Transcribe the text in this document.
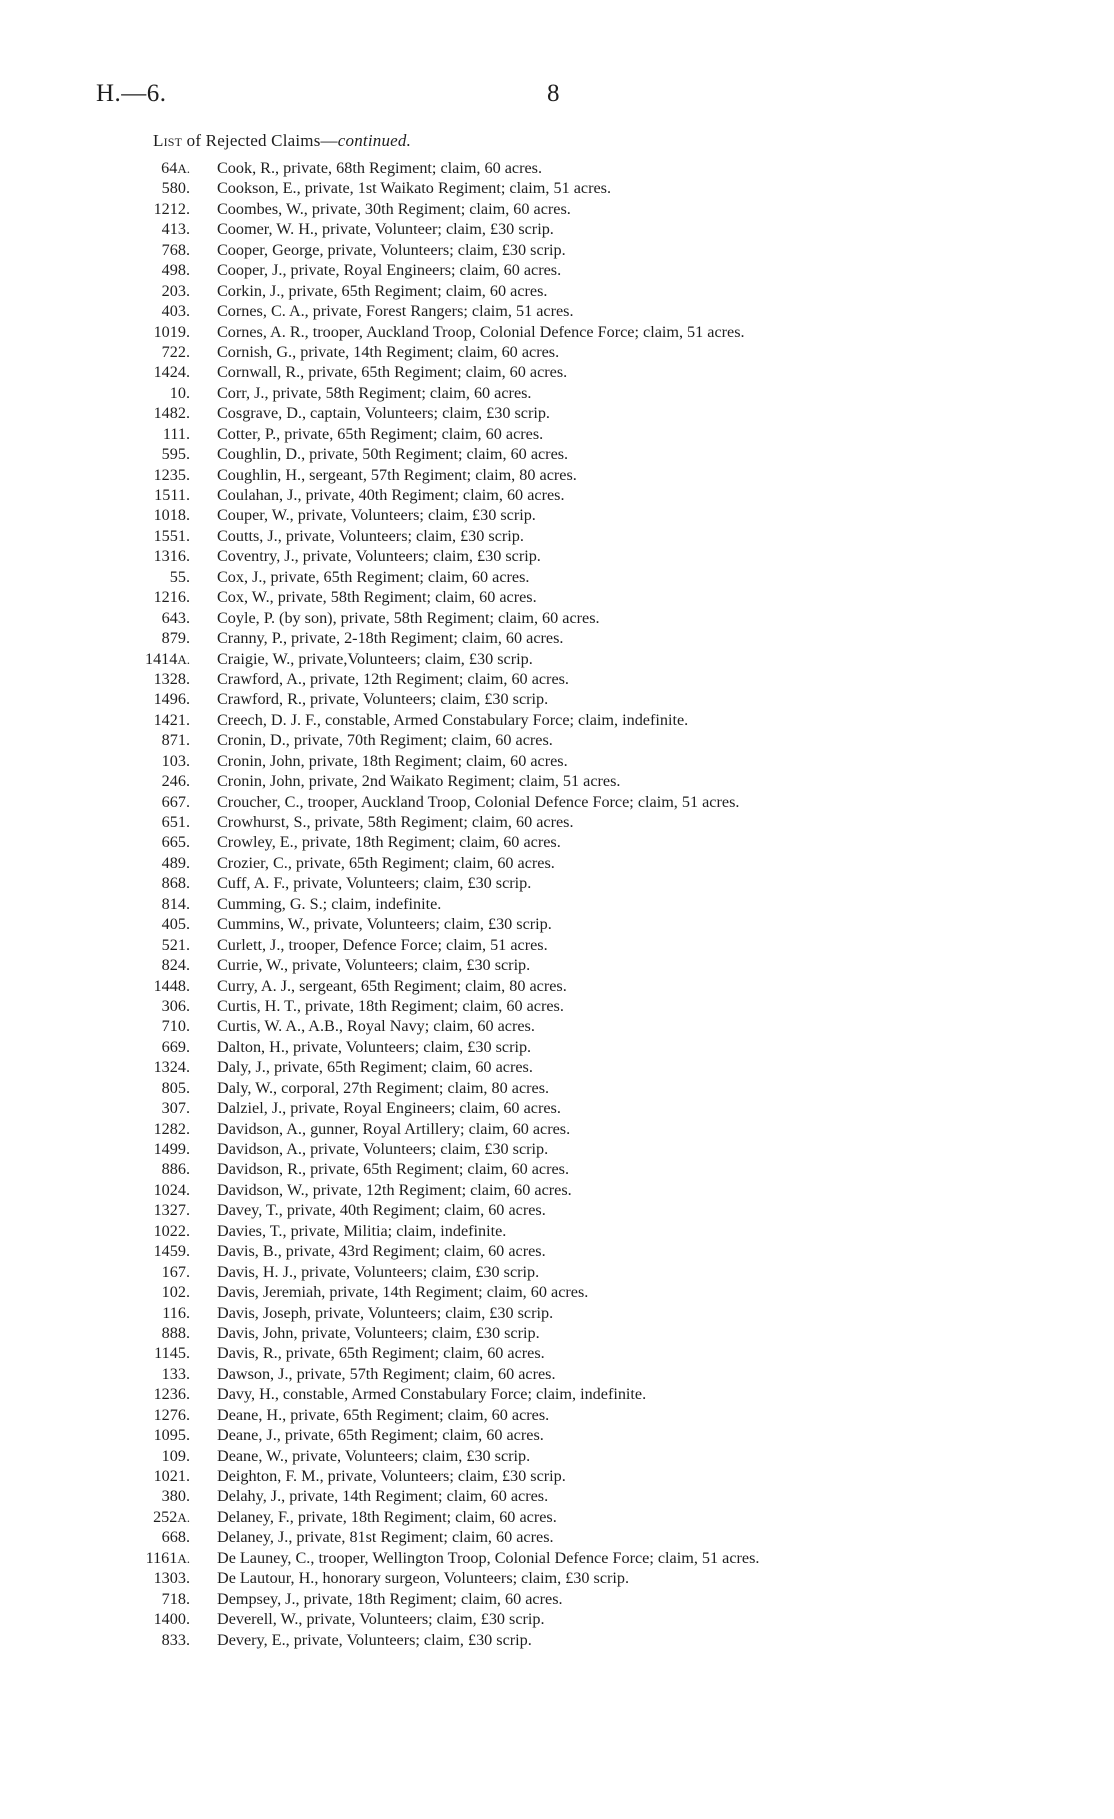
H.—6.	8
List of Rejected Claims—continued.
64A. Cook, R., private, 68th Regiment; claim, 60 acres.
580. Cookson, E., private, 1st Waikato Regiment; claim, 51 acres.
1212. Coombes, W., private, 30th Regiment; claim, 60 acres.
413. Coomer, W. H., private, Volunteer; claim, £30 scrip.
768. Cooper, George, private, Volunteers; claim, £30 scrip.
498. Cooper, J., private, Royal Engineers; claim, 60 acres.
203. Corkin, J., private, 65th Regiment; claim, 60 acres.
403. Cornes, C. A., private, Forest Rangers; claim, 51 acres.
1019. Cornes, A. R., trooper, Auckland Troop, Colonial Defence Force; claim, 51 acres.
722. Cornish, G., private, 14th Regiment; claim, 60 acres.
1424. Cornwall, R., private, 65th Regiment; claim, 60 acres.
10. Corr, J., private, 58th Regiment; claim, 60 acres.
1482. Cosgrave, D., captain, Volunteers; claim, £30 scrip.
111. Cotter, P., private, 65th Regiment; claim, 60 acres.
595. Coughlin, D., private, 50th Regiment; claim, 60 acres.
1235. Coughlin, H., sergeant, 57th Regiment; claim, 80 acres.
1511. Coulahan, J., private, 40th Regiment; claim, 60 acres.
1018. Couper, W., private, Volunteers; claim, £30 scrip.
1551. Coutts, J., private, Volunteers; claim, £30 scrip.
1316. Coventry, J., private, Volunteers; claim, £30 scrip.
55. Cox, J., private, 65th Regiment; claim, 60 acres.
1216. Cox, W., private, 58th Regiment; claim, 60 acres.
643. Coyle, P. (by son), private, 58th Regiment; claim, 60 acres.
879. Cranny, P., private, 2-18th Regiment; claim, 60 acres.
1414A. Craigie, W., private,Volunteers; claim, £30 scrip.
1328. Crawford, A., private, 12th Regiment; claim, 60 acres.
1496. Crawford, R., private, Volunteers; claim, £30 scrip.
1421. Creech, D. J. F., constable, Armed Constabulary Force; claim, indefinite.
871. Cronin, D., private, 70th Regiment; claim, 60 acres.
103. Cronin, John, private, 18th Regiment; claim, 60 acres.
246. Cronin, John, private, 2nd Waikato Regiment; claim, 51 acres.
667. Croucher, C., trooper, Auckland Troop, Colonial Defence Force; claim, 51 acres.
651. Crowhurst, S., private, 58th Regiment; claim, 60 acres.
665. Crowley, E., private, 18th Regiment; claim, 60 acres.
489. Crozier, C., private, 65th Regiment; claim, 60 acres.
868. Cuff, A. F., private, Volunteers; claim, £30 scrip.
814. Cumming, G. S.; claim, indefinite.
405. Cummins, W., private, Volunteers; claim, £30 scrip.
521. Curlett, J., trooper, Defence Force; claim, 51 acres.
824. Currie, W., private, Volunteers; claim, £30 scrip.
1448. Curry, A. J., sergeant, 65th Regiment; claim, 80 acres.
306. Curtis, H. T., private, 18th Regiment; claim, 60 acres.
710. Curtis, W. A., A.B., Royal Navy; claim, 60 acres.
669. Dalton, H., private, Volunteers; claim, £30 scrip.
1324. Daly, J., private, 65th Regiment; claim, 60 acres.
805. Daly, W., corporal, 27th Regiment; claim, 80 acres.
307. Dalziel, J., private, Royal Engineers; claim, 60 acres.
1282. Davidson, A., gunner, Royal Artillery; claim, 60 acres.
1499. Davidson, A., private, Volunteers; claim, £30 scrip.
886. Davidson, R., private, 65th Regiment; claim, 60 acres.
1024. Davidson, W., private, 12th Regiment; claim, 60 acres.
1327. Davey, T., private, 40th Regiment; claim, 60 acres.
1022. Davies, T., private, Militia; claim, indefinite.
1459. Davis, B., private, 43rd Regiment; claim, 60 acres.
167. Davis, H. J., private, Volunteers; claim, £30 scrip.
102. Davis, Jeremiah, private, 14th Regiment; claim, 60 acres.
116. Davis, Joseph, private, Volunteers; claim, £30 scrip.
888. Davis, John, private, Volunteers; claim, £30 scrip.
1145. Davis, R., private, 65th Regiment; claim, 60 acres.
133. Dawson, J., private, 57th Regiment; claim, 60 acres.
1236. Davy, H., constable, Armed Constabulary Force; claim, indefinite.
1276. Deane, H., private, 65th Regiment; claim, 60 acres.
1095. Deane, J., private, 65th Regiment; claim, 60 acres.
109. Deane, W., private, Volunteers; claim, £30 scrip.
1021. Deighton, F. M., private, Volunteers; claim, £30 scrip.
380. Delahy, J., private, 14th Regiment; claim, 60 acres.
252A. Delaney, F., private, 18th Regiment; claim, 60 acres.
668. Delaney, J., private, 81st Regiment; claim, 60 acres.
1161A. De Launey, C., trooper, Wellington Troop, Colonial Defence Force; claim, 51 acres.
1303. De Lautour, H., honorary surgeon, Volunteers; claim, £30 scrip.
718. Dempsey, J., private, 18th Regiment; claim, 60 acres.
1400. Deverell, W., private, Volunteers; claim, £30 scrip.
833. Devery, E., private, Volunteers; claim, £30 scrip.
